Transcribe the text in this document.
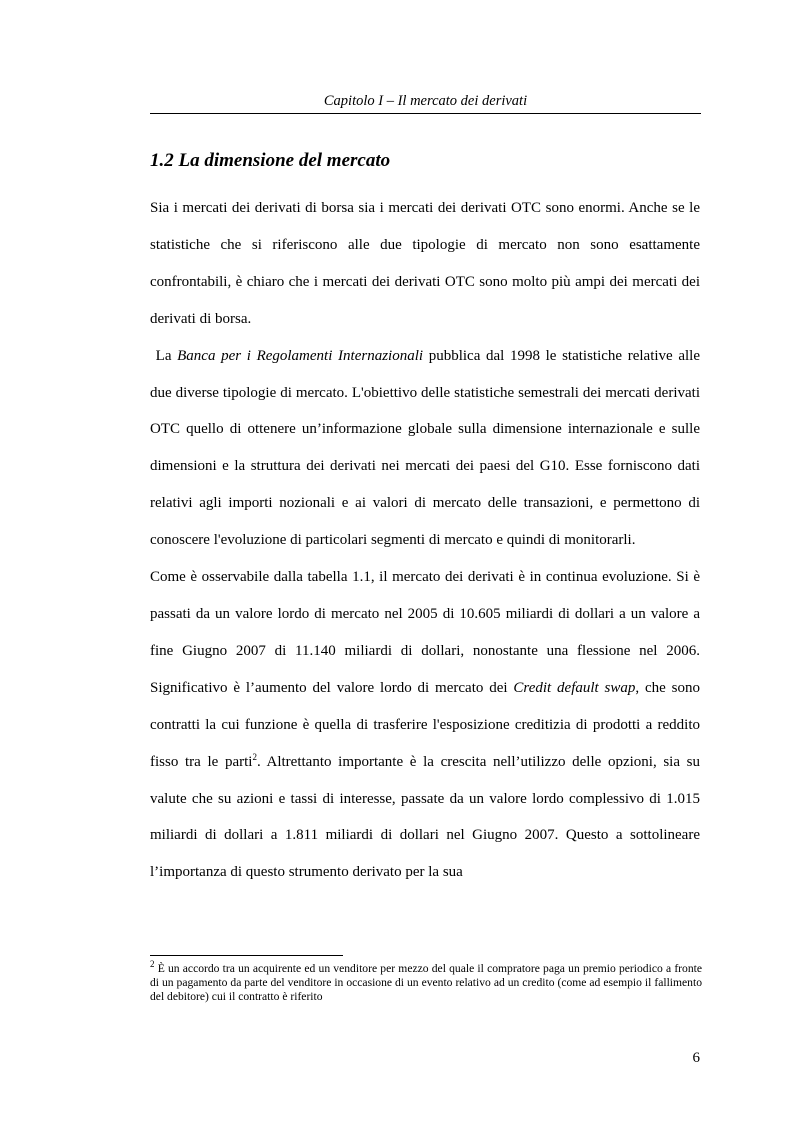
Capitolo I – Il mercato dei derivati
1.2 La dimensione del mercato

Sia i mercati dei derivati di borsa sia i mercati dei derivati OTC sono enormi. Anche se le statistiche che si riferiscono alle due tipologie di mercato non sono esattamente confrontabili, è chiaro che i mercati dei derivati OTC sono molto più ampi dei mercati dei derivati di borsa.

La Banca per i Regolamenti Internazionali pubblica dal 1998 le statistiche relative alle due diverse tipologie di mercato. L'obiettivo delle statistiche semestrali dei mercati derivati OTC quello di ottenere un’informazione globale sulla dimensione internazionale e sulle dimensioni e la struttura dei derivati nei mercati dei paesi del G10. Esse forniscono dati relativi agli importi nozionali e ai valori di mercato delle transazioni, e permettono di conoscere l'evoluzione di particolari segmenti di mercato e quindi di monitorarli.

Come è osservabile dalla tabella 1.1, il mercato dei derivati è in continua evoluzione. Si è passati da un valore lordo di mercato nel 2005 di 10.605 miliardi di dollari a un valore a fine Giugno 2007 di 11.140 miliardi di dollari, nonostante una flessione nel 2006. Significativo è l’aumento del valore lordo di mercato dei Credit default swap, che sono contratti la cui funzione è quella di trasferire l'esposizione creditizia di prodotti a reddito fisso tra le parti$^2$. Altrettanto importante è la crescita nell’utilizzo delle opzioni, sia su valute che su azioni e tassi di interesse, passate da un valore lordo complessivo di 1.015 miliardi di dollari a 1.811 miliardi di dollari nel Giugno 2007. Questo a sottolineare l’importanza di questo strumento derivato per la sua

$^2$ È un accordo tra un acquirente ed un venditore per mezzo del quale il compratore paga un premio periodico a fronte di un pagamento da parte del venditore in occasione di un evento relativo ad un credito (come ad esempio il fallimento del debitore) cui il contratto è riferito
6
